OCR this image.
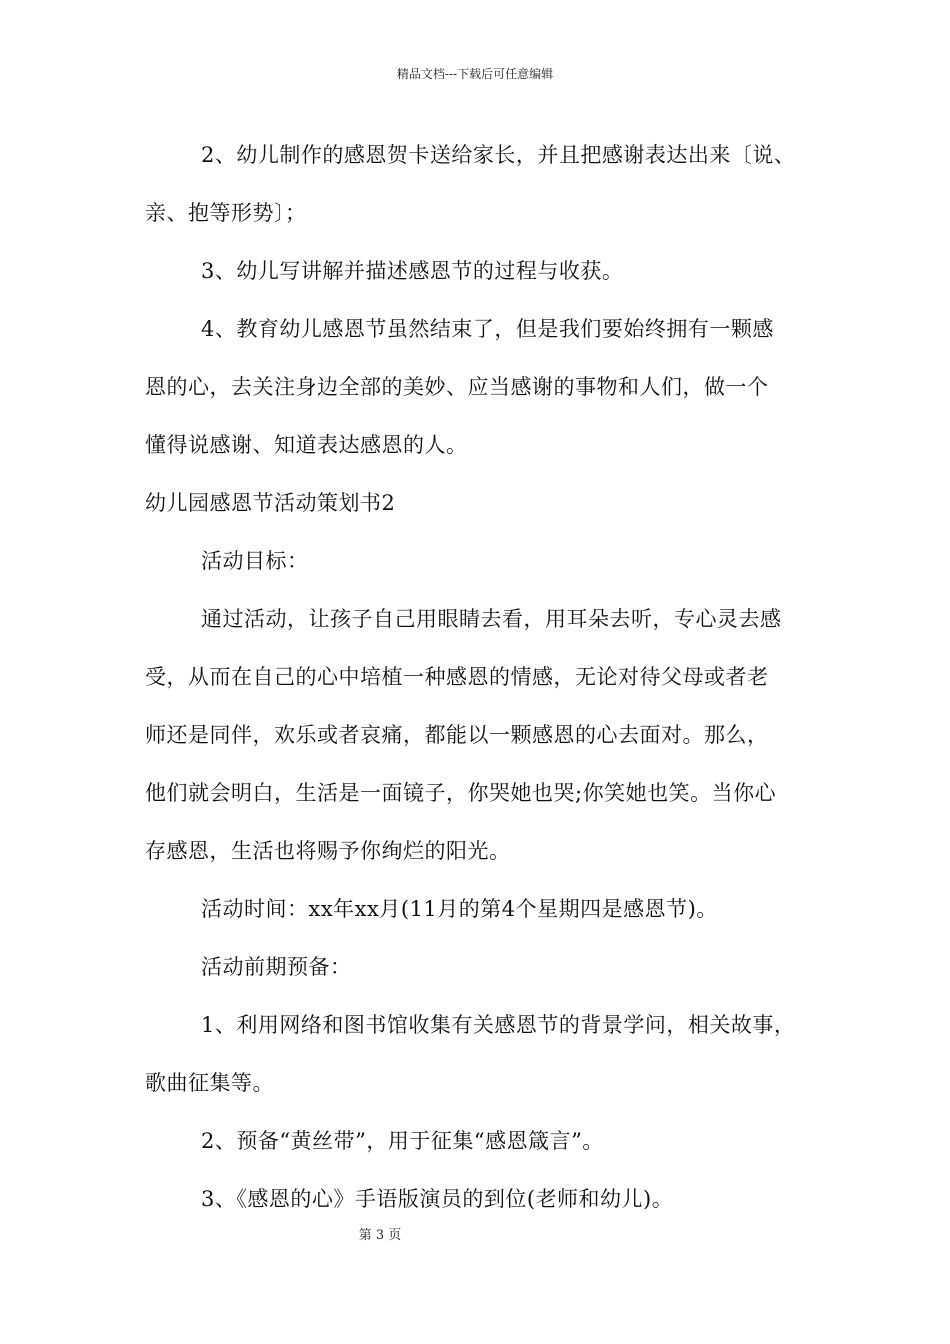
精品文档---下载后可任意编辑
2、幼儿制作的感恩贺卡送给家长，并且把感谢表达出来〔说、
亲、抱等形势〕；
3、幼儿写讲解并描述感恩节的过程与收获。
4、教育幼儿感恩节虽然结束了，但是我们要始终拥有一颗感
恩的心，去关注身边全部的美妙、应当感谢的事物和人们，做一个
懂得说感谢、知道表达感恩的人。
幼儿园感恩节活动策划书2
活动目标：
通过活动，让孩子自己用眼睛去看，用耳朵去听，专心灵去感
受，从而在自己的心中培植一种感恩的情感，无论对待父母或者老
师还是同伴，欢乐或者哀痛，都能以一颗感恩的心去面对。那么，
他们就会明白，生活是一面镜子，你哭她也哭;你笑她也笑。当你心
存感恩，生活也将赐予你绚烂的阳光。
活动时间：xx年xx月(11月的第4个星期四是感恩节)。
活动前期预备：
1、利用网络和图书馆收集有关感恩节的背景学问，相关故事，
歌曲征集等。
2、预备“黄丝带”，用于征集“感恩箴言”。
3、《感恩的心》手语版演员的到位(老师和幼儿)。
第 3 页
